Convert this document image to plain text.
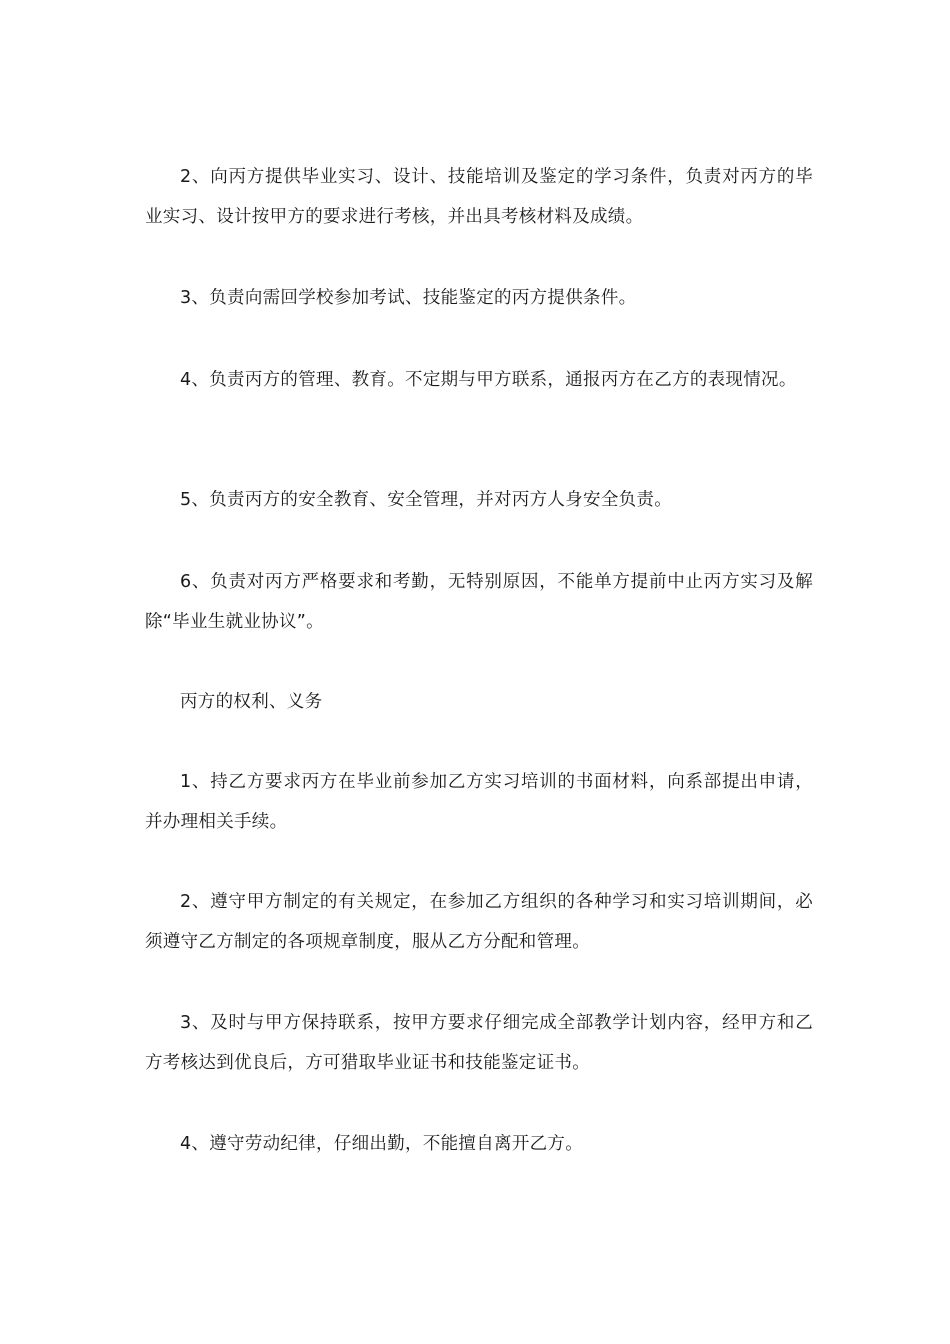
2、向丙方提供毕业实习、设计、技能培训及鉴定的学习条件，负责对丙方的毕业实习、设计按甲方的要求进行考核，并出具考核材料及成绩。

3、负责向需回学校参加考试、技能鉴定的丙方提供条件。

4、负责丙方的管理、教育。不定期与甲方联系，通报丙方在乙方的表现情况。

5、负责丙方的安全教育、安全管理，并对丙方人身安全负责。

6、负责对丙方严格要求和考勤，无特别原因，不能单方提前中止丙方实习及解除“毕业生就业协议”。

丙方的权利、义务

1、持乙方要求丙方在毕业前参加乙方实习培训的书面材料，向系部提出申请，并办理相关手续。

2、遵守甲方制定的有关规定，在参加乙方组织的各种学习和实习培训期间，必须遵守乙方制定的各项规章制度，服从乙方分配和管理。

3、及时与甲方保持联系，按甲方要求仔细完成全部教学计划内容，经甲方和乙方考核达到优良后，方可猎取毕业证书和技能鉴定证书。

4、遵守劳动纪律，仔细出勤，不能擅自离开乙方。
